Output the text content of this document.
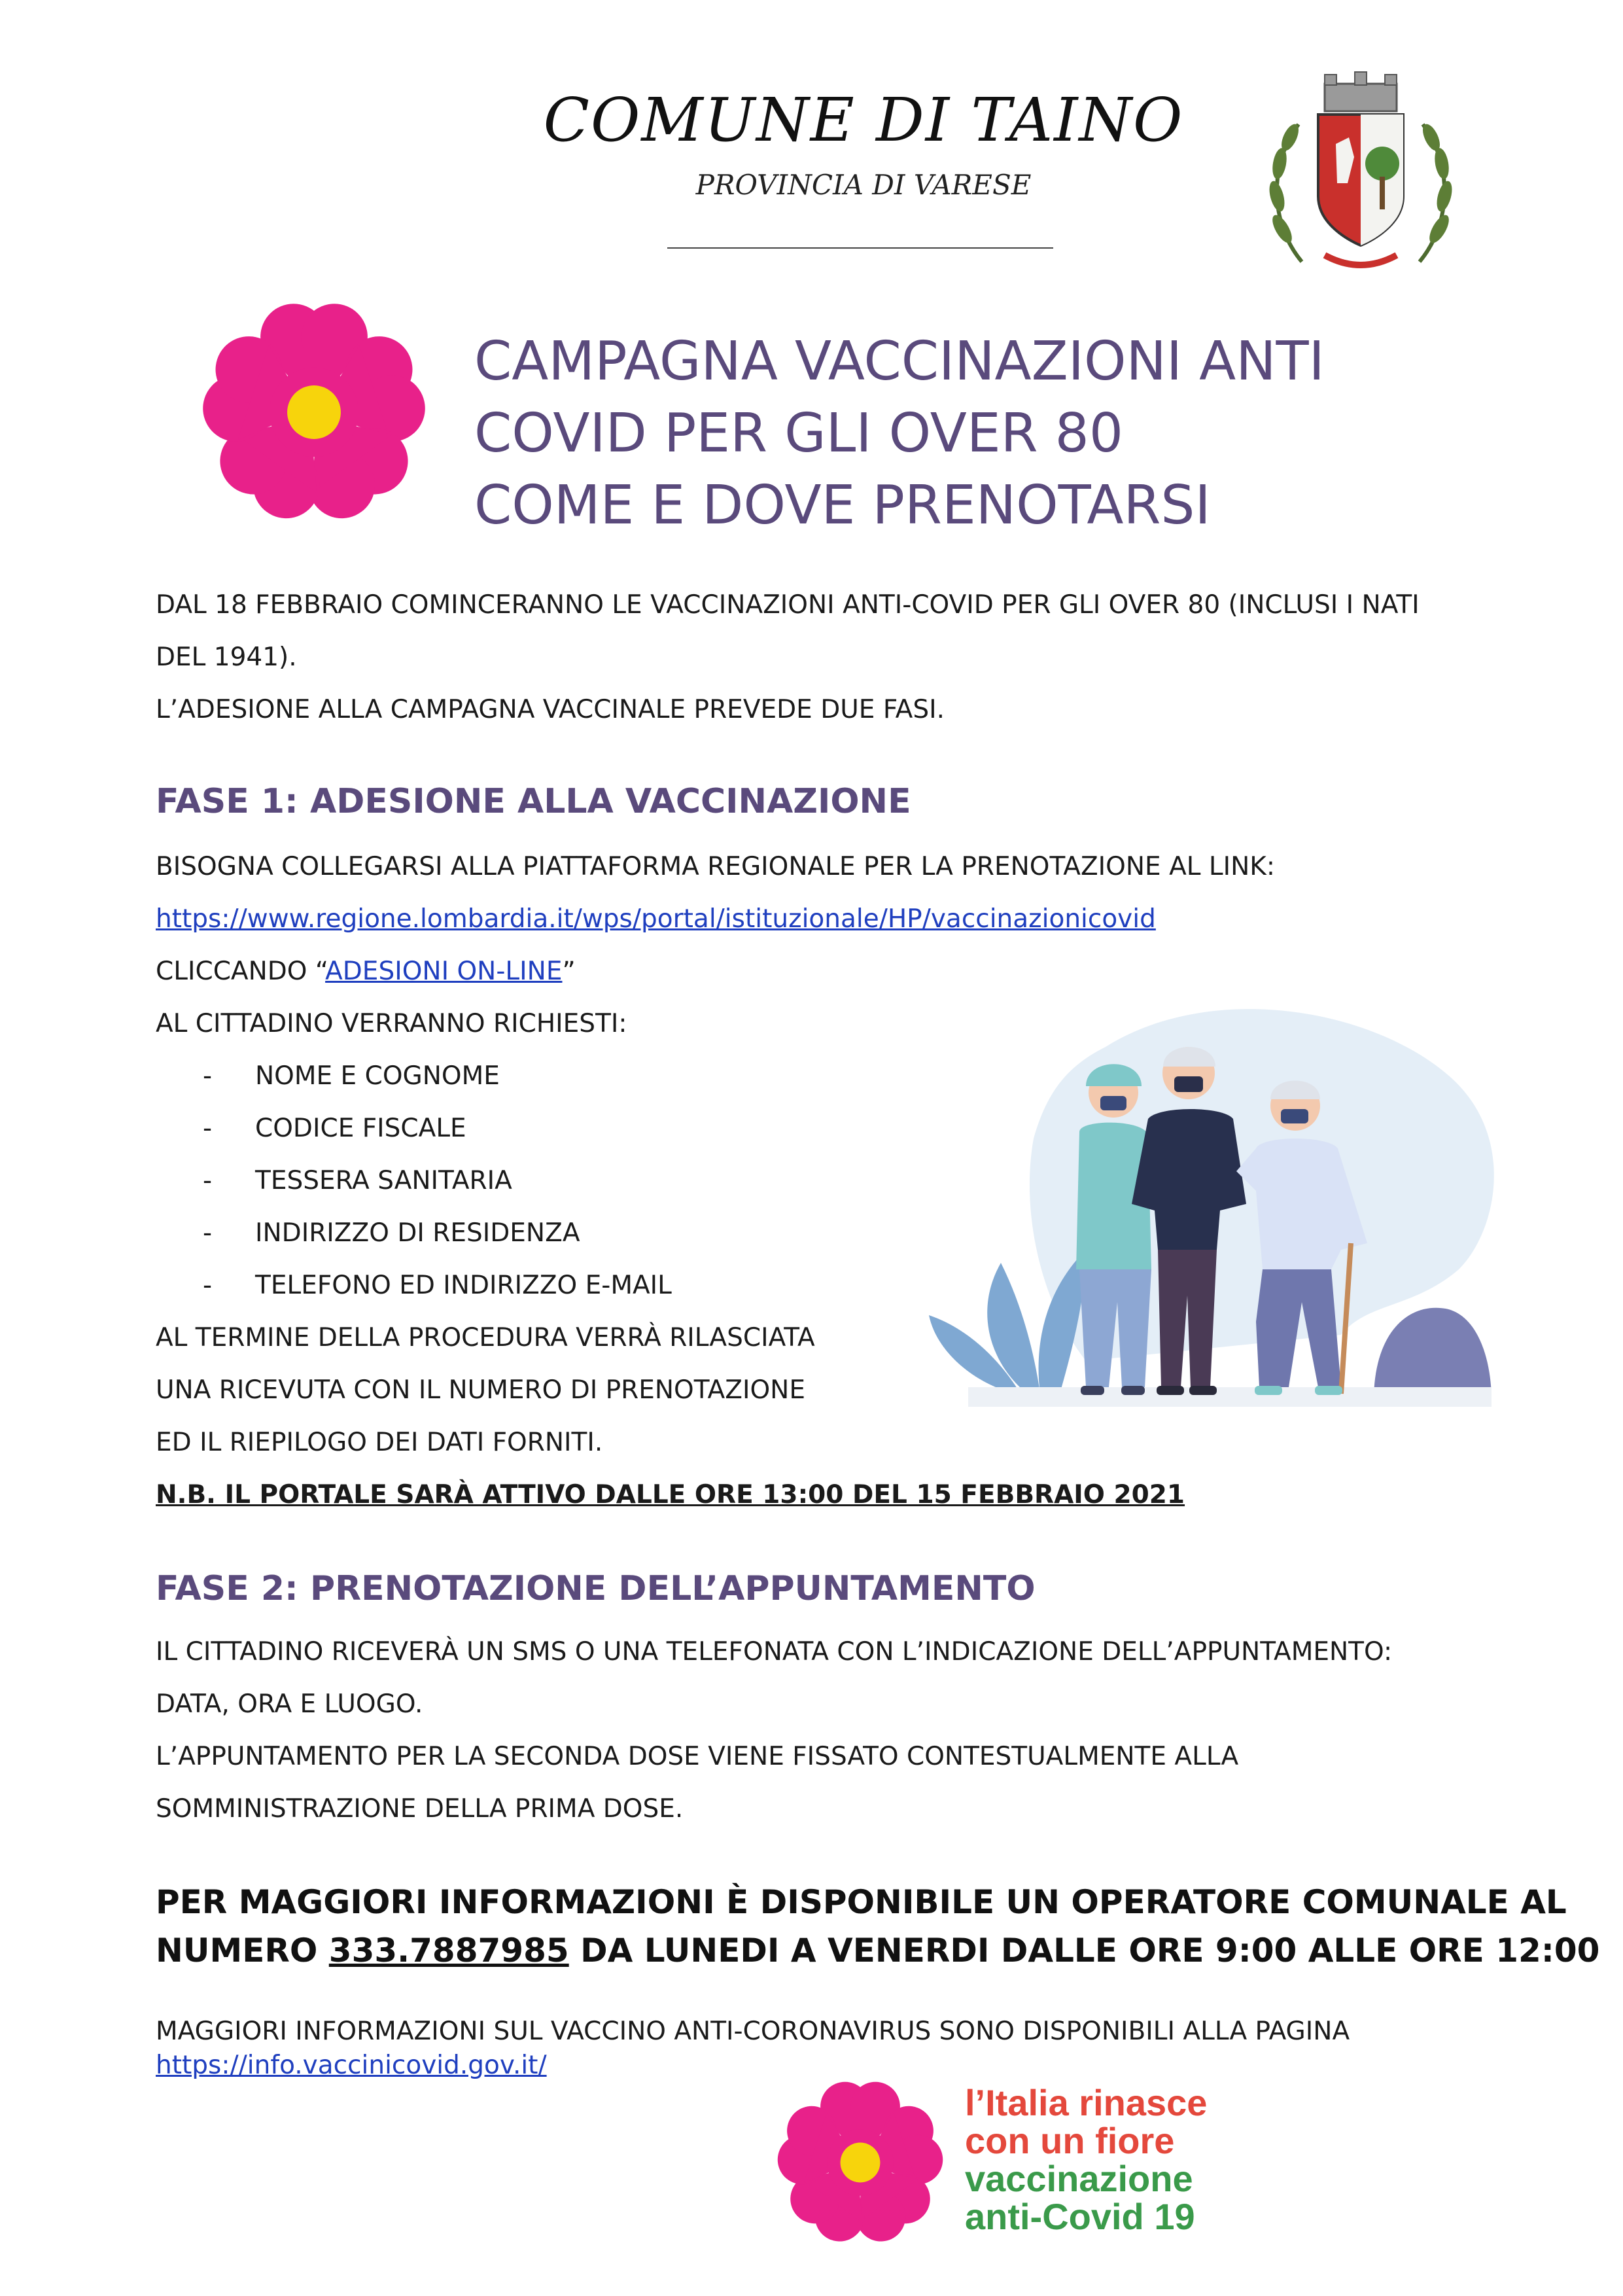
COMUNE DI TAINO
PROVINCIA DI VARESE
CAMPAGNA VACCINAZIONI ANTI
COVID PER GLI OVER 80
COME E DOVE PRENOTARSI
DAL 18 FEBBRAIO COMINCERANNO LE VACCINAZIONI ANTI-COVID PER GLI OVER 80 (INCLUSI I NATI
DEL 1941).
L’ADESIONE ALLA CAMPAGNA VACCINALE PREVEDE DUE FASI.
FASE 1: ADESIONE ALLA VACCINAZIONE
BISOGNA COLLEGARSI ALLA PIATTAFORMA REGIONALE PER LA PRENOTAZIONE AL LINK:
https://www.regione.lombardia.it/wps/portal/istituzionale/HP/vaccinazionicovid
CLICCANDO “ADESIONI ON-LINE”
AL CITTADINO VERRANNO RICHIESTI:
- NOME E COGNOME
- CODICE FISCALE
- TESSERA SANITARIA
- INDIRIZZO DI RESIDENZA
- TELEFONO ED INDIRIZZO E-MAIL
AL TERMINE DELLA PROCEDURA VERRÀ RILASCIATA
UNA RICEVUTA CON IL NUMERO DI PRENOTAZIONE
ED IL RIEPILOGO DEI DATI FORNITI.
N.B. IL PORTALE SARÀ ATTIVO DALLE ORE 13:00 DEL 15 FEBBRAIO 2021
FASE 2: PRENOTAZIONE DELL’APPUNTAMENTO
IL CITTADINO RICEVERÀ UN SMS O UNA TELEFONATA CON L’INDICAZIONE DELL’APPUNTAMENTO:
DATA, ORA E LUOGO.
L’APPUNTAMENTO PER LA SECONDA DOSE VIENE FISSATO CONTESTUALMENTE ALLA
SOMMINISTRAZIONE DELLA PRIMA DOSE.
PER MAGGIORI INFORMAZIONI È DISPONIBILE UN OPERATORE COMUNALE AL
NUMERO 333.7887985 DA LUNEDI A VENERDI DALLE ORE 9:00 ALLE ORE 12:00
MAGGIORI INFORMAZIONI SUL VACCINO ANTI-CORONAVIRUS SONO DISPONIBILI ALLA PAGINA
https://info.vaccinicovid.gov.it/
l’Italia rinasce
con un fiore
vaccinazione
anti-Covid 19
